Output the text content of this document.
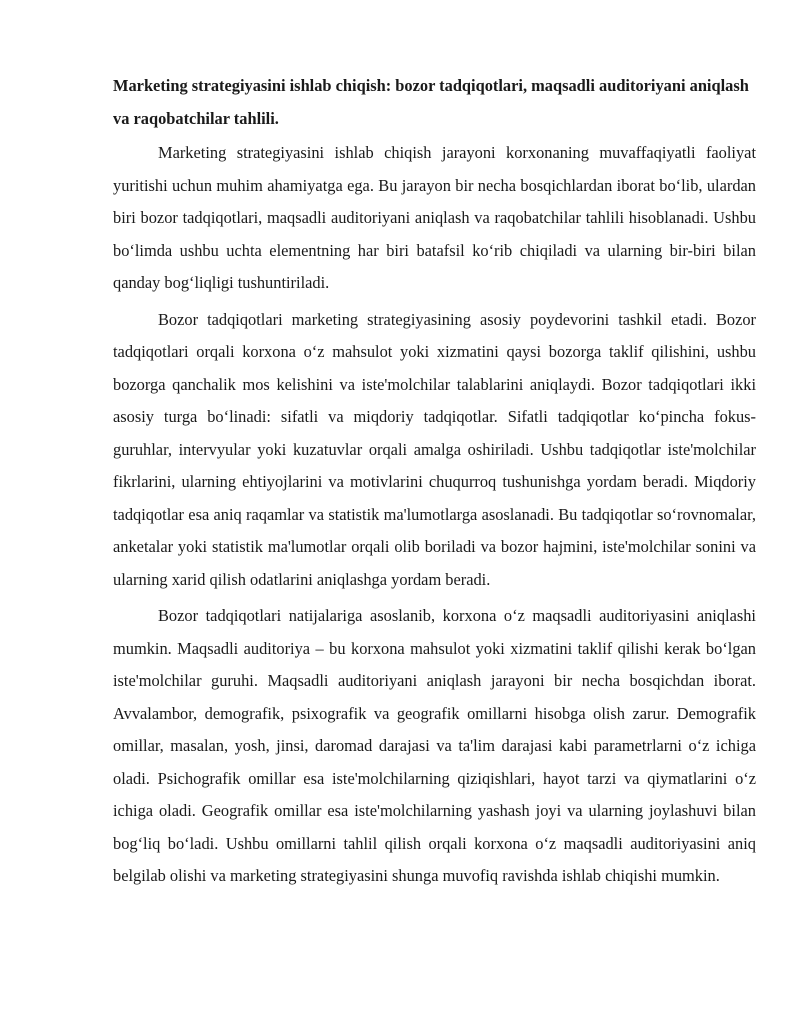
Marketing strategiyasini ishlab chiqish: bozor tadqiqotlari, maqsadli auditoriyani aniqlash va raqobatchilar tahlili.

Marketing strategiyasini ishlab chiqish jarayoni korxonaning muvaffaqiyatli faoliyat yuritishi uchun muhim ahamiyatga ega. Bu jarayon bir necha bosqichlardan iborat bo‘lib, ulardan biri bozor tadqiqotlari, maqsadli auditoriyani aniqlash va raqobatchilar tahlili hisoblanadi. Ushbu bo‘limda ushbu uchta elementning har biri batafsil ko‘rib chiqiladi va ularning bir-biri bilan qanday bog‘liqligi tushuntiriladi.

Bozor tadqiqotlari marketing strategiyasining asosiy poydevorini tashkil etadi. Bozor tadqiqotlari orqali korxona o‘z mahsulot yoki xizmatini qaysi bozorga taklif qilishini, ushbu bozorga qanchalik mos kelishini va iste'molchilar talablarini aniqlaydi. Bozor tadqiqotlari ikki asosiy turga bo‘linadi: sifatli va miqdoriy tadqiqotlar. Sifatli tadqiqotlar ko‘pincha fokus-guruhlar, intervyular yoki kuzatuvlar orqali amalga oshiriladi. Ushbu tadqiqotlar iste'molchilar fikrlarini, ularning ehtiyojlarini va motivlarini chuqurroq tushunishga yordam beradi. Miqdoriy tadqiqotlar esa aniq raqamlar va statistik ma'lumotlarga asoslanadi. Bu tadqiqotlar so‘rovnomalar, anketalar yoki statistik ma'lumotlar orqali olib boriladi va bozor hajmini, iste'molchilar sonini va ularning xarid qilish odatlarini aniqlashga yordam beradi.

Bozor tadqiqotlari natijalariga asoslanib, korxona o‘z maqsadli auditoriyasini aniqlashi mumkin. Maqsadli auditoriya – bu korxona mahsulot yoki xizmatini taklif qilishi kerak bo‘lgan iste'molchilar guruhi. Maqsadli auditoriyani aniqlash jarayoni bir necha bosqichdan iborat. Avvalambor, demografik, psixografik va geografik omillarni hisobga olish zarur. Demografik omillar, masalan, yosh, jinsi, daromad darajasi va ta'lim darajasi kabi parametrlarni o‘z ichiga oladi. Psichografik omillar esa iste'molchilarning qiziqishlari, hayot tarzi va qiymatlarini o‘z ichiga oladi. Geografik omillar esa iste'molchilarning yashash joyi va ularning joylashuvi bilan bog‘liq bo‘ladi. Ushbu omillarni tahlil qilish orqali korxona o‘z maqsadli auditoriyasini aniq belgilab olishi va marketing strategiyasini shunga muvofiq ravishda ishlab chiqishi mumkin.
